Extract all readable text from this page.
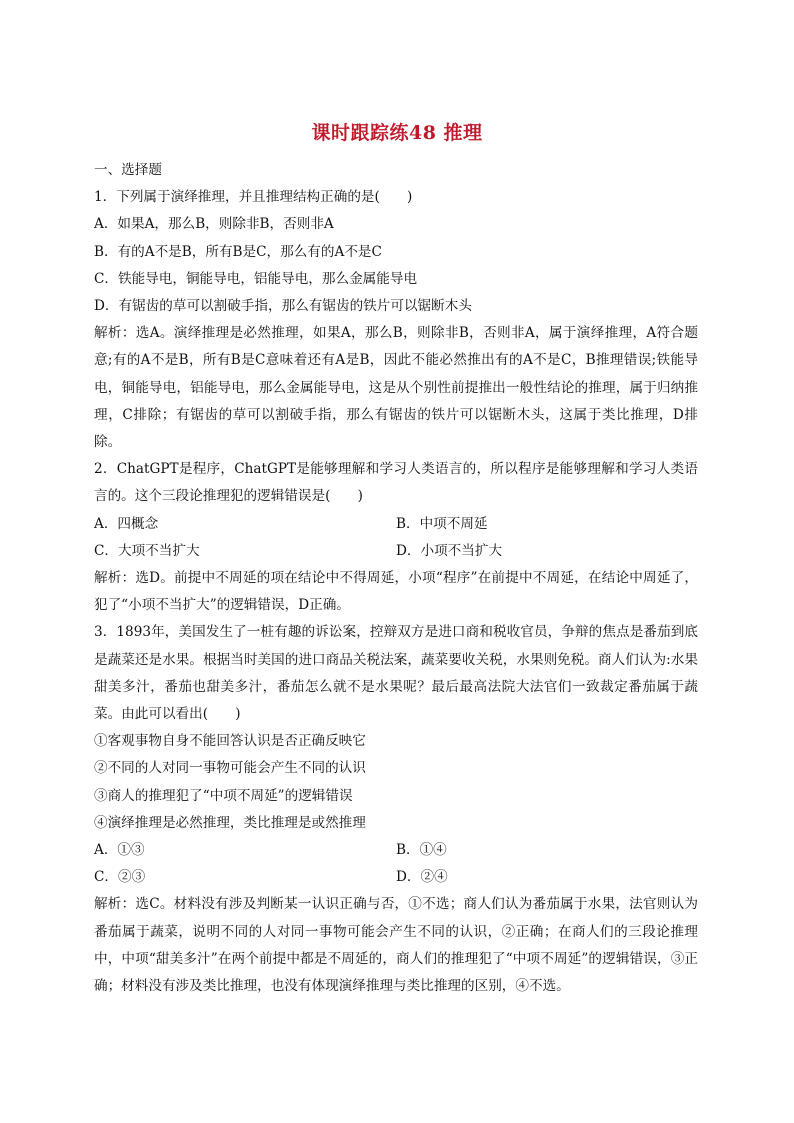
课时跟踪练48 推理
一、选择题
1．下列属于演绎推理，并且推理结构正确的是(　　)
A．如果A，那么B，则除非B，否则非A
B．有的A不是B，所有B是C，那么有的A不是C
C．铁能导电，铜能导电，铝能导电，那么金属能导电
D．有锯齿的草可以割破手指，那么有锯齿的铁片可以锯断木头
解析：选A。演绎推理是必然推理，如果A，那么B，则除非B，否则非A，属于演绎推理，A符合题意;有的A不是B，所有B是C意味着还有A是B，因此不能必然推出有的A不是C，B推理错误;铁能导电，铜能导电，铝能导电，那么金属能导电，这是从个别性前提推出一般性结论的推理，属于归纳推理，C排除；有锯齿的草可以割破手指，那么有锯齿的铁片可以锯断木头，这属于类比推理，D排除。
2．ChatGPT是程序，ChatGPT是能够理解和学习人类语言的，所以程序是能够理解和学习人类语言的。这个三段论推理犯的逻辑错误是(　　)
A．四概念	B．中项不周延
C．大项不当扩大	D．小项不当扩大
解析：选D。前提中不周延的项在结论中不得周延，小项“程序”在前提中不周延，在结论中周延了，犯了“小项不当扩大”的逻辑错误，D正确。
3．1893年，美国发生了一桩有趣的诉讼案，控辩双方是进口商和税收官员，争辩的焦点是番茄到底是蔬菜还是水果。根据当时美国的进口商品关税法案，蔬菜要收关税，水果则免税。商人们认为:水果甜美多汁，番茄也甜美多汁，番茄怎么就不是水果呢？最后最高法院大法官们一致裁定番茄属于蔬菜。由此可以看出(　　)
①客观事物自身不能回答认识是否正确反映它
②不同的人对同一事物可能会产生不同的认识
③商人的推理犯了“中项不周延”的逻辑错误
④演绎推理是必然推理，类比推理是或然推理
A．①③	B．①④
C．②③	D．②④
解析：选C。材料没有涉及判断某一认识正确与否，①不选；商人们认为番茄属于水果，法官则认为番茄属于蔬菜，说明不同的人对同一事物可能会产生不同的认识，②正确；在商人们的三段论推理中，中项“甜美多汁”在两个前提中都是不周延的，商人们的推理犯了“中项不周延”的逻辑错误，③正确；材料没有涉及类比推理，也没有体现演绎推理与类比推理的区别，④不选。
